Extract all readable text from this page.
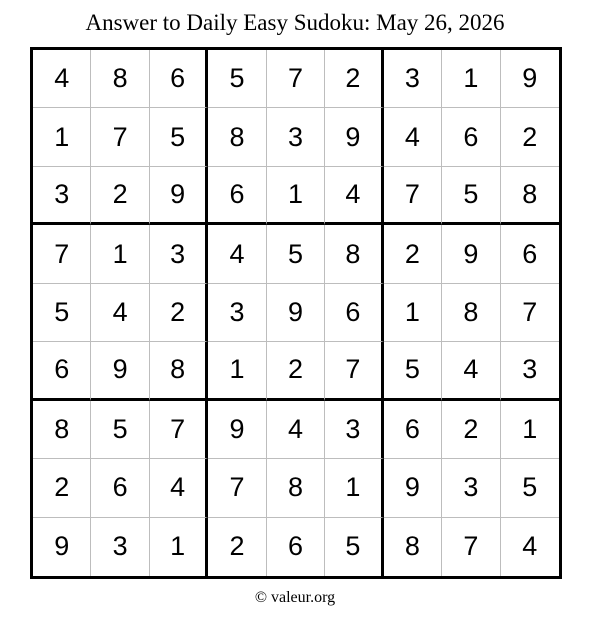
Answer to Daily Easy Sudoku: May 26, 2026
4	8	6	5	7	2	3	1	9
1	7	5	8	3	9	4	6	2
3	2	9	6	1	4	7	5	8
7	1	3	4	5	8	2	9	6
5	4	2	3	9	6	1	8	7
6	9	8	1	2	7	5	4	3
8	5	7	9	4	3	6	2	1
2	6	4	7	8	1	9	3	5
9	3	1	2	6	5	8	7	4
© valeur.org
